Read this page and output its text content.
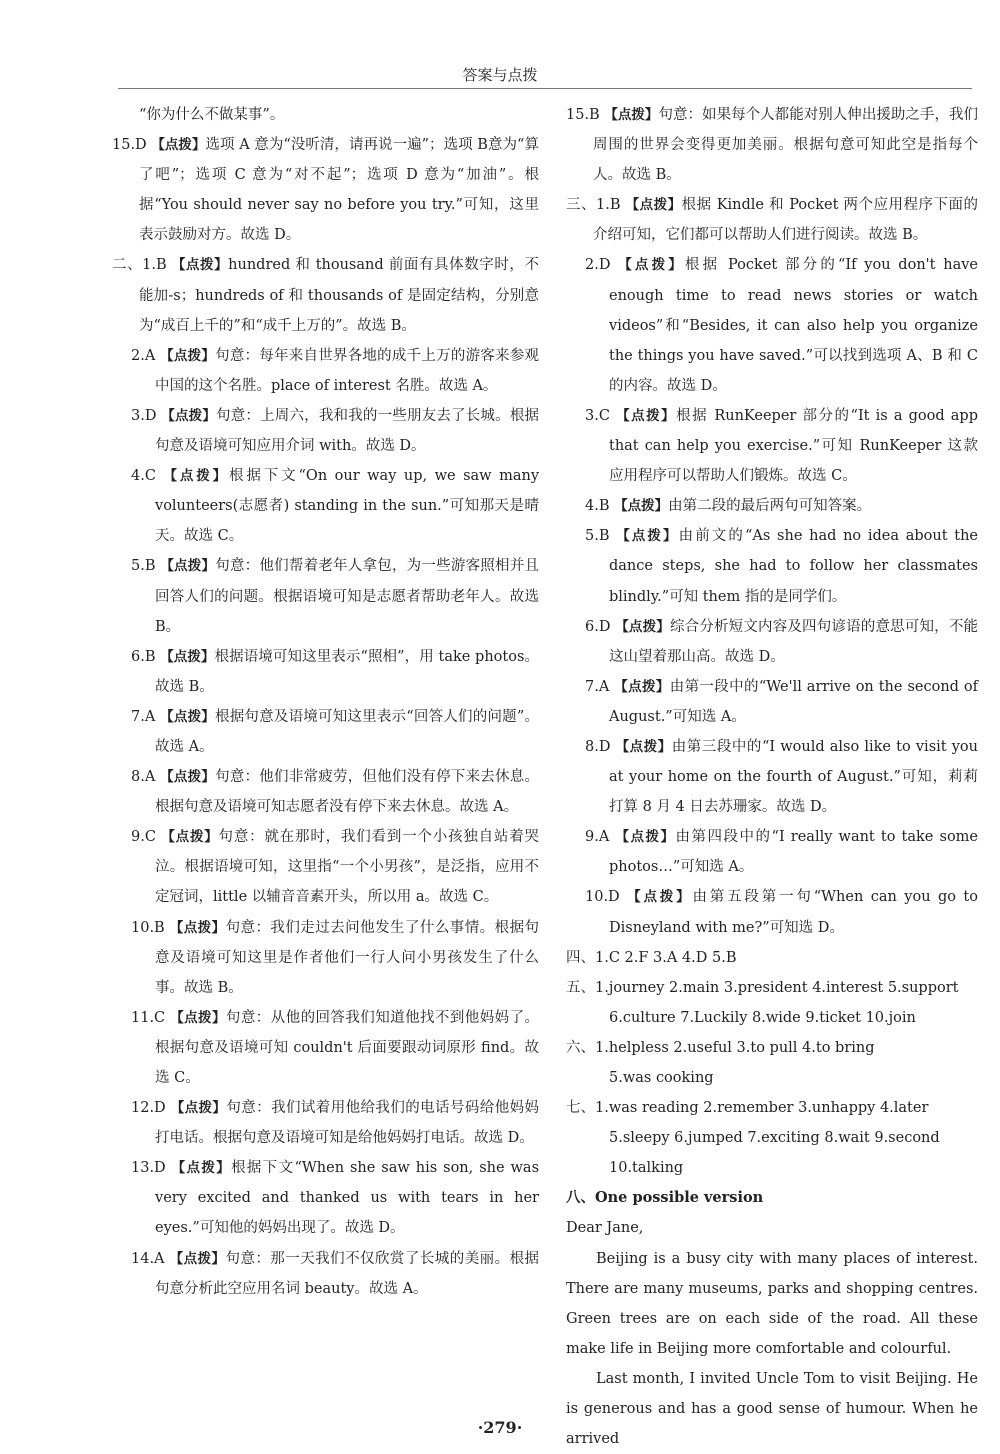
答案与点拨

“你为什么不做某事”。

15.D 【点拨】选项 A 意为“没听清，请再说一遍”；选项 B意为“算了吧”；选项 C 意为“对不起”；选项 D 意为“加油”。根据“You should never say no before you try.”可知，这里表示鼓励对方。故选 D。

二、1.B 【点拨】hundred 和 thousand 前面有具体数字时，不能加-s；hundreds of 和 thousands of 是固定结构，分别意为“成百上千的”和“成千上万的”。故选 B。

2.A 【点拨】句意：每年来自世界各地的成千上万的游客来参观中国的这个名胜。place of interest 名胜。故选 A。

3.D 【点拨】句意：上周六，我和我的一些朋友去了长城。根据句意及语境可知应用介词 with。故选 D。

4.C 【点拨】根据下文“On our way up, we saw many volunteers(志愿者) standing in the sun.”可知那天是晴天。故选 C。

5.B 【点拨】句意：他们帮着老年人拿包，为一些游客照相并且回答人们的问题。根据语境可知是志愿者帮助老年人。故选 B。

6.B 【点拨】根据语境可知这里表示“照相”，用 take photos。故选 B。

7.A 【点拨】根据句意及语境可知这里表示“回答人们的问题”。故选 A。

8.A 【点拨】句意：他们非常疲劳，但他们没有停下来去休息。根据句意及语境可知志愿者没有停下来去休息。故选 A。

9.C 【点拨】句意：就在那时，我们看到一个小孩独自站着哭泣。根据语境可知，这里指“一个小男孩”，是泛指，应用不定冠词，little 以辅音音素开头，所以用 a。故选 C。

10.B 【点拨】句意：我们走过去问他发生了什么事情。根据句意及语境可知这里是作者他们一行人问小男孩发生了什么事。故选 B。

11.C 【点拨】句意：从他的回答我们知道他找不到他妈妈了。根据句意及语境可知 couldn't 后面要跟动词原形 find。故选 C。

12.D 【点拨】句意：我们试着用他给我们的电话号码给他妈妈打电话。根据句意及语境可知是给他妈妈打电话。故选 D。

13.D 【点拨】根据下文“When she saw his son, she was very excited and thanked us with tears in her eyes.”可知他的妈妈出现了。故选 D。

14.A 【点拨】句意：那一天我们不仅欣赏了长城的美丽。根据句意分析此空应用名词 beauty。故选 A。

15.B 【点拨】句意：如果每个人都能对别人伸出援助之手，我们周围的世界会变得更加美丽。根据句意可知此空是指每个人。故选 B。

三、1.B 【点拨】根据 Kindle 和 Pocket 两个应用程序下面的介绍可知，它们都可以帮助人们进行阅读。故选 B。

2.D 【点拨】根据 Pocket 部分的“If you don't have enough time to read news stories or watch videos”和“Besides, it can also help you organize the things you have saved.”可以找到选项 A、B 和 C 的内容。故选 D。

3.C 【点拨】根据 RunKeeper 部分的“It is a good app that can help you exercise.”可知 RunKeeper 这款应用程序可以帮助人们锻炼。故选 C。

4.B 【点拨】由第二段的最后两句可知答案。

5.B 【点拨】由前文的“As she had no idea about the dance steps, she had to follow her classmates blindly.”可知 them 指的是同学们。

6.D 【点拨】综合分析短文内容及四句谚语的意思可知，不能这山望着那山高。故选 D。

7.A 【点拨】由第一段中的“We'll arrive on the second of August.”可知选 A。

8.D 【点拨】由第三段中的“I would also like to visit you at your home on the fourth of August.”可知，莉莉打算 8 月 4 日去苏珊家。故选 D。

9.A 【点拨】由第四段中的“I really want to take some photos…”可知选 A。

10.D 【点拨】由第五段第一句“When can you go to Disneyland with me?”可知选 D。

四、1.C 2.F 3.A 4.D 5.B

五、1.journey 2.main 3.president 4.interest 5.support

6.culture 7.Luckily 8.wide 9.ticket 10.join

六、1.helpless 2.useful 3.to pull 4.to bring

5.was cooking

七、1.was reading 2.remember 3.unhappy 4.later

5.sleepy 6.jumped 7.exciting 8.wait 9.second

10.talking

八、One possible version

Dear Jane,

Beijing is a busy city with many places of interest. There are many museums, parks and shopping centres. Green trees are on each side of the road. All these make life in Beijing more comfortable and colourful.

Last month, I invited Uncle Tom to visit Beijing. He is generous and has a good sense of humour. When he arrived

·279·
